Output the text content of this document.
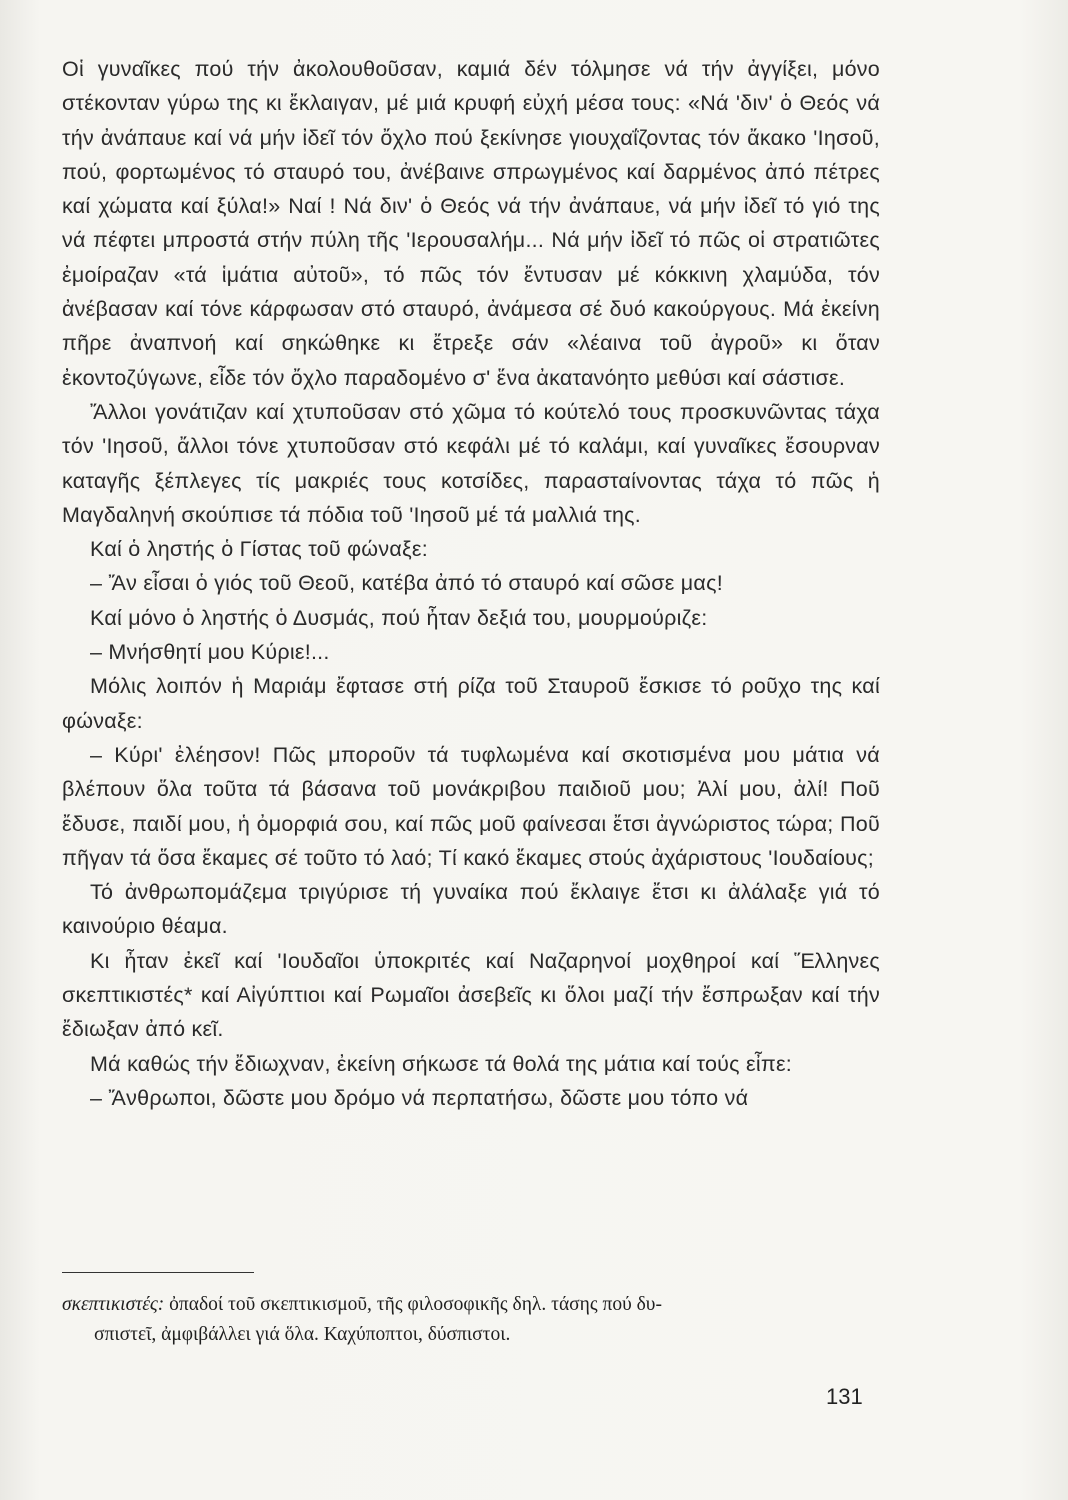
Οἱ γυναῖκες πού τήν ἀκολουθοῦσαν, καμιά δέν τόλμησε νά τήν ἀγγίξει, μόνο στέκονταν γύρω της κι ἔκλαιγαν, μέ μιά κρυφή εὐχή μέσα τους: «Νά 'διν' ὁ Θεός νά τήν ἀνάπαυε καί νά μήν ἰδεῖ τόν ὄχλο πού ξεκίνησε γιουχαΐζοντας τόν ἄκακο 'Ιησοῦ, πού, φορτωμένος τό σταυρό του, ἀνέβαινε σπρωγμένος καί δαρμένος ἀπό πέτρες καί χώματα καί ξύλα!» Ναί ! Νά διν' ὁ Θεός νά τήν ἀνάπαυε, νά μήν ἰδεῖ τό γιό της νά πέφτει μπροστά στήν πύλη τῆς 'Ιερουσαλήμ... Νά μήν ἰδεῖ τό πῶς οἱ στρατιῶτες ἐμοίραζαν «τά ἱμάτια αὐτοῦ», τό πῶς τόν ἔντυσαν μέ κόκκινη χλαμύδα, τόν ἀνέβασαν καί τόνε κάρφωσαν στό σταυρό, ἀνάμεσα σέ δυό κακούργους. Μά ἐκείνη πῆρε ἀναπνοή καί σηκώθηκε κι ἔτρεξε σάν «λέαινα τοῦ ἀγροῦ» κι ὅταν ἐκοντοζύγωνε, εἶδε τόν ὄχλο παραδομένο σ' ἕνα ἀκατανόητο μεθύσι καί σάστισε.

Ἄλλοι γονάτιζαν καί χτυποῦσαν στό χῶμα τό κούτελό τους προσκυνῶντας τάχα τόν 'Ιησοῦ, ἄλλοι τόνε χτυποῦσαν στό κεφάλι μέ τό καλάμι, καί γυναῖκες ἔσουρναν καταγῆς ξέπλεγες τίς μακριές τους κοτσίδες, παρασταίνοντας τάχα τό πῶς ἡ Μαγδαληνή σκούπισε τά πόδια τοῦ 'Ιησοῦ μέ τά μαλλιά της.

Καί ὁ ληστής ὁ Γίστας τοῦ φώναξε:

– Ἄν εἶσαι ὁ γιός τοῦ Θεοῦ, κατέβα ἀπό τό σταυρό καί σῶσε μας!

Καί μόνο ὁ ληστής ὁ Δυσμάς, πού ἦταν δεξιά του, μουρμούριζε:

– Μνήσθητί μου Κύριε!...

Μόλις λοιπόν ἡ Μαριάμ ἔφτασε στή ρίζα τοῦ Σταυροῦ ἔσκισε τό ροῦχο της καί φώναξε:

– Κύρι' ἐλέησον! Πῶς μποροῦν τά τυφλωμένα καί σκοτισμένα μου μάτια νά βλέπουν ὅλα τοῦτα τά βάσανα τοῦ μονάκριβου παιδιοῦ μου; Ἀλί μου, ἀλί! Ποῦ ἔδυσε, παιδί μου, ἡ ὀμορφιά σου, καί πῶς μοῦ φαίνεσαι ἔτσι ἀγνώριστος τώρα; Ποῦ πῆγαν τά ὅσα ἔκαμες σέ τοῦτο τό λαό; Τί κακό ἔκαμες στούς ἀχάριστους 'Ιουδαίους;

Τό ἀνθρωπομάζεμα τριγύρισε τή γυναίκα πού ἔκλαιγε ἔτσι κι ἀλάλαξε γιά τό καινούριο θέαμα.

Κι ἦταν ἐκεῖ καί 'Ιουδαῖοι ὑποκριτές καί Ναζαρηνοί μοχθηροί καί Ἕλληνες σκεπτικιστές* καί Αἰγύπτιοι καί Ρωμαῖοι ἀσεβεῖς κι ὅλοι μαζί τήν ἔσπρωξαν καί τήν ἔδιωξαν ἀπό κεῖ.

Μά καθώς τήν ἔδιωχναν, ἐκείνη σήκωσε τά θολά της μάτια καί τούς εἶπε:

– Ἄνθρωποι, δῶστε μου δρόμο νά περπατήσω, δῶστε μου τόπο νά

σκεπτικιστές: ὀπαδοί τοῦ σκεπτικισμοῦ, τῆς φιλοσοφικῆς δηλ. τάσης πού δυ-

σπιστεῖ, ἀμφιβάλλει γιά ὅλα. Καχύποπτοι, δύσπιστοι.

131
